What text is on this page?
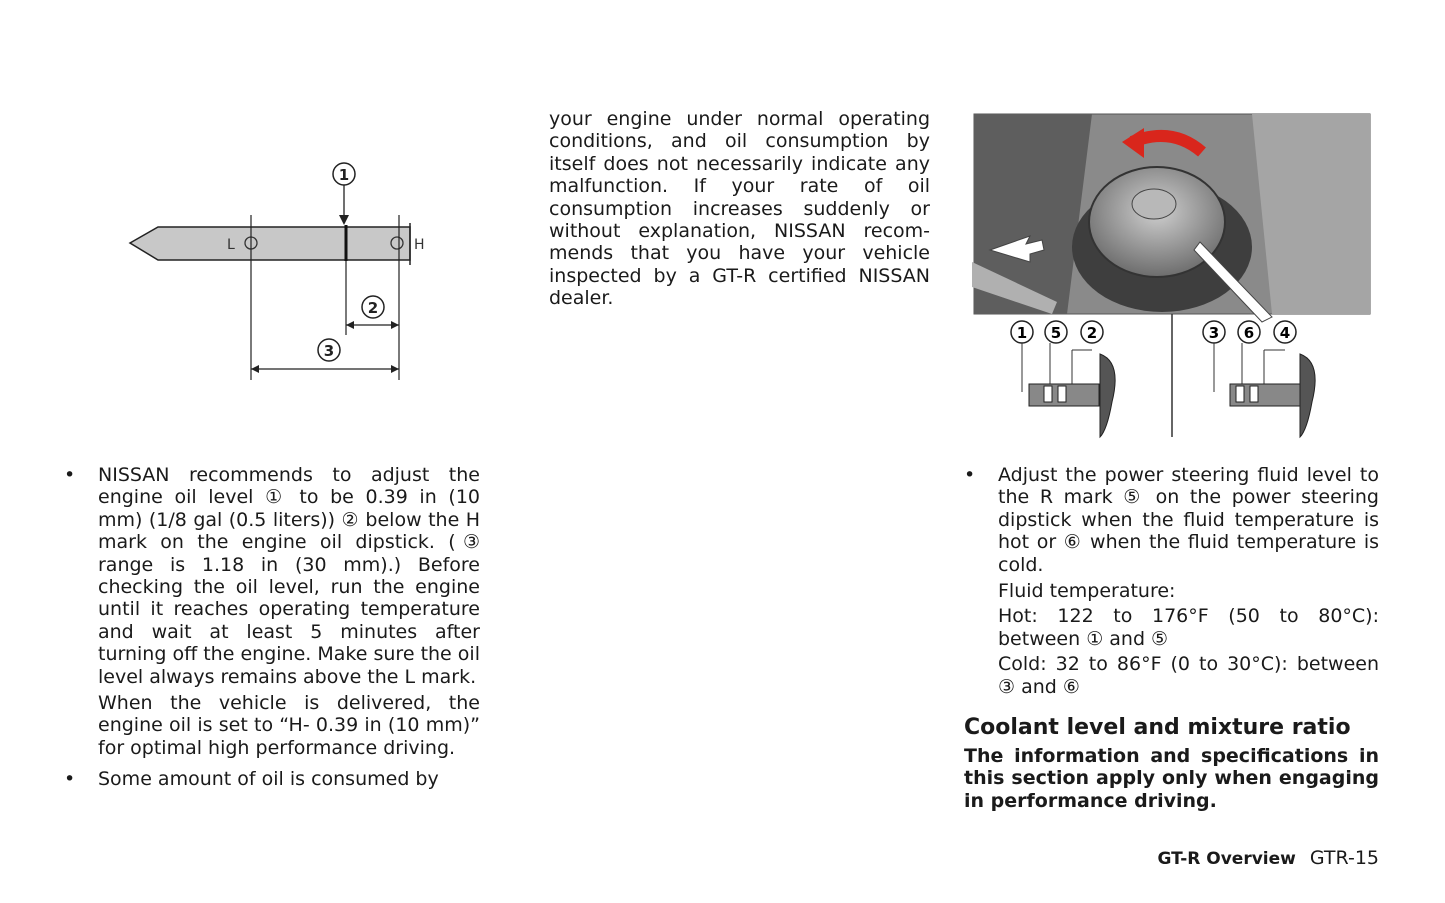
L	H
1
2
3
• NISSAN recommends to adjust the engine oil level ① to be 0.39 in (10 mm) (1/8 gal (0.5 liters)) ② below the H mark on the engine oil dipstick. (③ range is 1.18 in (30 mm).) Before checking the oil level, run the engine until it reaches operating temperature and wait at least 5 minutes after turning off the engine. Make sure the oil level always remains above the L mark.
When the vehicle is delivered, the engine oil is set to “H- 0.39 in (10 mm)” for optimal high performance driving.
• Some amount of oil is consumed by
your engine under normal operating conditions, and oil consumption by itself does not necessarily indicate any malfunction. If your rate of oil consumption increases suddenly or without explanation, NISSAN recom-mends that you have your vehicle inspected by a GT-R certified NISSAN dealer.
1 5 2	3 6 4
• Adjust the power steering fluid level to the R mark ⑤ on the power steering dipstick when the fluid temperature is hot or ⑥ when the fluid temperature is cold.
Fluid temperature:
Hot: 122 to 176°F (50 to 80°C): between ① and ⑤
Cold: 32 to 86°F (0 to 30°C): between ③ and ⑥
Coolant level and mixture ratio

The information and specifications in this section apply only when engaging in performance driving.

GT-R Overview GTR-15
